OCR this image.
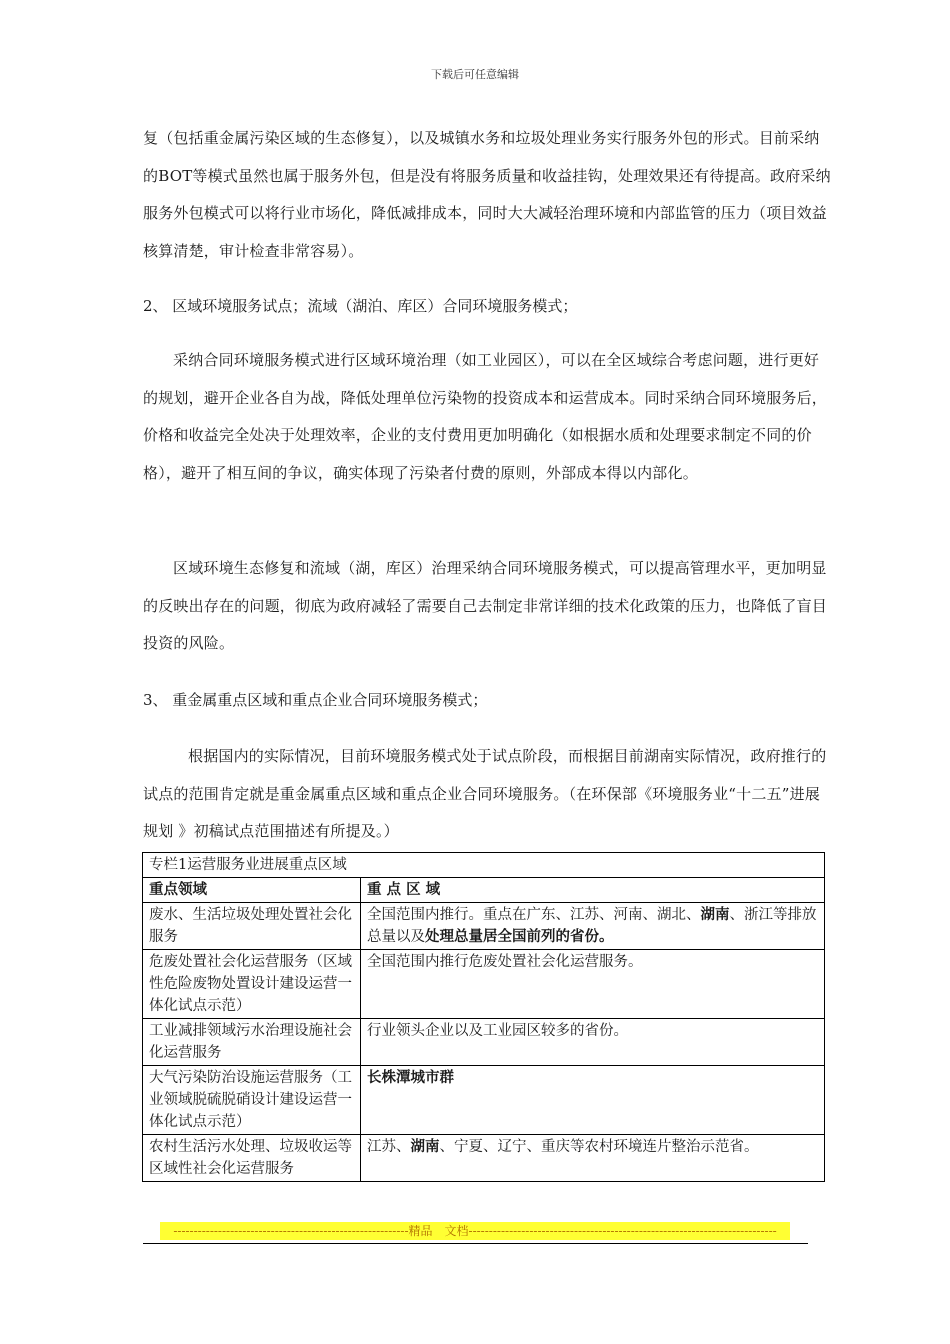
下载后可任意编辑

复（包括重金属污染区域的生态修复），以及城镇水务和垃圾处理业务实行服务外包的形式。目前采纳的BOT等模式虽然也属于服务外包，但是没有将服务质量和收益挂钩，处理效果还有待提高。政府采纳服务外包模式可以将行业市场化，降低减排成本，同时大大减轻治理环境和内部监管的压力（项目效益核算清楚，审计检查非常容易）。

2、 区域环境服务试点；流域（湖泊、库区）合同环境服务模式；

采纳合同环境服务模式进行区域环境治理（如工业园区），可以在全区域综合考虑问题，进行更好的规划，避开企业各自为战，降低处理单位污染物的投资成本和运营成本。同时采纳合同环境服务后，价格和收益完全处决于处理效率，企业的支付费用更加明确化（如根据水质和处理要求制定不同的价格），避开了相互间的争议，确实体现了污染者付费的原则，外部成本得以内部化。

区域环境生态修复和流域（湖，库区）治理采纳合同环境服务模式，可以提高管理水平，更加明显的反映出存在的问题，彻底为政府减轻了需要自己去制定非常详细的技术化政策的压力，也降低了盲目投资的风险。

3、 重金属重点区域和重点企业合同环境服务模式；

根据国内的实际情况，目前环境服务模式处于试点阶段，而根据目前湖南实际情况，政府推行的试点的范围肯定就是重金属重点区域和重点企业合同环境服务。（在环保部《环境服务业“十二五”进展规划 》初稿试点范围描述有所提及。）

专栏1运营服务业进展重点区域	
重点领域	重 点 区 域
废水、生活垃圾处理处置社会化服务	全国范围内推行。重点在广东、江苏、河南、湖北、湖南、浙江等排放总量以及处理总量居全国前列的省份。
危废处置社会化运营服务（区域性危险废物处置设计建设运营一体化试点示范）	全国范围内推行危废处置社会化运营服务。
工业减排领域污水治理设施社会化运营服务	行业领头企业以及工业园区较多的省份。
大气污染防治设施运营服务（工业领域脱硫脱硝设计建设运营一体化试点示范）	长株潭城市群
农村生活污水处理、垃圾收运等区域性社会化运营服务	江苏、湖南、宁夏、辽宁、重庆等农村环境连片整治示范省。
----------------------------------------------------------精品　文档----------------------------------------------------------------------------
